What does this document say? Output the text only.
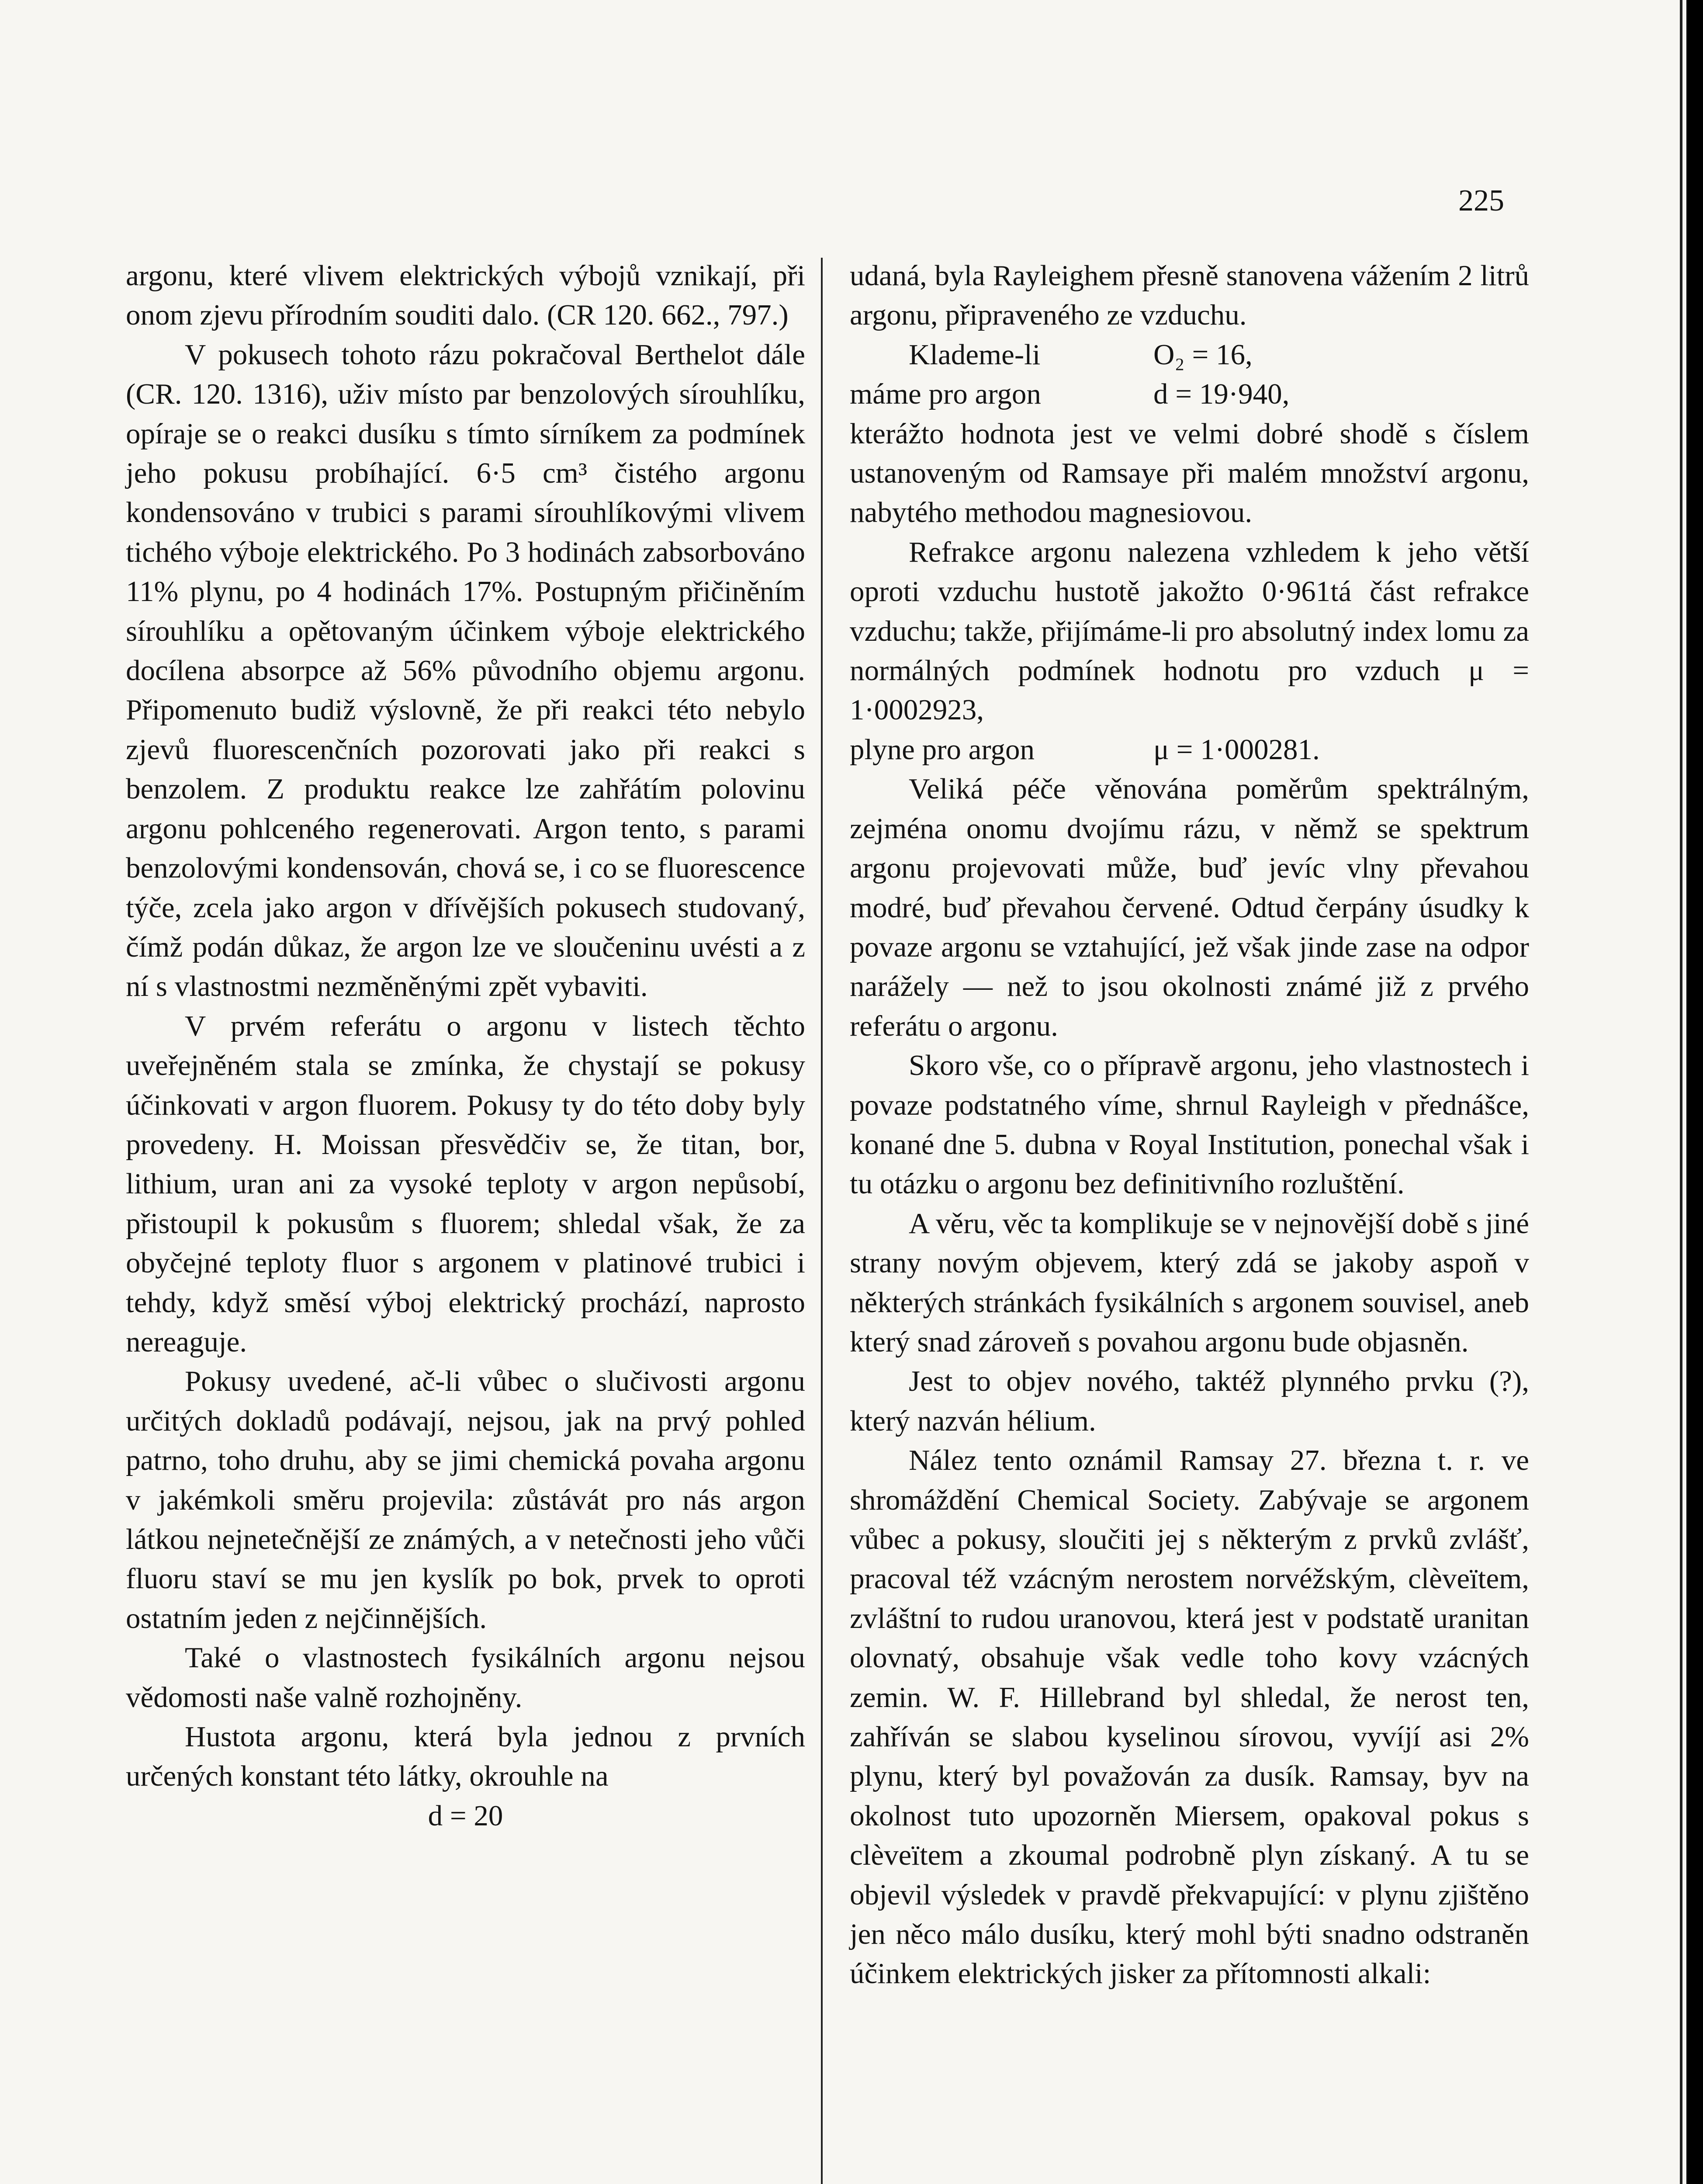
225

argonu, které vlivem elektrických výbojů vznikají, při onom zjevu přírodním souditi dalo. (CR 120. 662., 797.)

V pokusech tohoto rázu pokračoval Berthelot dále (CR. 120. 1316), uživ místo par benzolových sírouhlíku, opíraje se o reakci dusíku s tímto sírníkem za podmínek jeho pokusu probíhající. 6·5 cm³ čistého argonu kondensováno v trubici s parami sírouhlíkovými vlivem tichého výboje elektrického. Po 3 hodinách zabsorbováno 11% plynu, po 4 hodinách 17%. Postupným přičiněním sírouhlíku a opětovaným účinkem výboje elektrického docílena absorpce až 56% původního objemu argonu. Připomenuto budiž výslovně, že při reakci této nebylo zjevů fluorescenčních pozorovati jako při reakci s benzolem. Z produktu reakce lze zahřátím polovinu argonu pohlceného regenerovati. Argon tento, s parami benzolovými kondensován, chová se, i co se fluorescence týče, zcela jako argon v dřívějších pokusech studovaný, čímž podán důkaz, že argon lze ve sloučeninu uvésti a z ní s vlastnostmi nezměněnými zpět vybaviti.

V prvém referátu o argonu v listech těchto uveřejněném stala se zmínka, že chystají se pokusy účinkovati v argon fluorem. Pokusy ty do této doby byly provedeny. H. Moissan přesvědčiv se, že titan, bor, lithium, uran ani za vysoké teploty v argon nepůsobí, přistoupil k pokusům s fluorem; shledal však, že za obyčejné teploty fluor s argonem v platinové trubici i tehdy, když směsí výboj elektrický prochází, naprosto nereaguje.

Pokusy uvedené, ač-li vůbec o slučivosti argonu určitých dokladů podávají, nejsou, jak na prvý pohled patrno, toho druhu, aby se jimi chemická povaha argonu v jakémkoli směru projevila: zůstávát pro nás argon látkou nejnetečnější ze známých, a v netečnosti jeho vůči fluoru staví se mu jen kyslík po bok, prvek to oproti ostatním jeden z nejčinnějších.

Také o vlastnostech fysikálních argonu nejsou vědomosti naše valně rozhojněny.

Hustota argonu, která byla jednou z prvních určených konstant této látky, okrouhle na

d = 20

udaná, byla Rayleighem přesně stanovena vážením 2 litrů argonu, připraveného ze vzduchu.

Klademe-li	O₂ = 16,
máme pro argon	d = 19·940,

kterážto hodnota jest ve velmi dobré shodě s číslem ustanoveným od Ramsaye při malém množství argonu, nabytého methodou magnesiovou.

Refrakce argonu nalezena vzhledem k jeho větší oproti vzduchu hustotě jakožto 0·961tá část refrakce vzduchu; takže, přijímáme-li pro absolutný index lomu za normálných podmínek hodnotu pro vzduch μ = 1·0002923,

plyne pro argon	μ = 1·000281.

Veliká péče věnována poměrům spektrálným, zejména onomu dvojímu rázu, v němž se spektrum argonu projevovati může, buď jevíc vlny převahou modré, buď převahou červené. Odtud čerpány úsudky k povaze argonu se vztahující, jež však jinde zase na odpor narážely — než to jsou okolnosti známé již z prvého referátu o argonu.

Skoro vše, co o přípravě argonu, jeho vlastnostech i povaze podstatného víme, shrnul Rayleigh v přednášce, konané dne 5. dubna v Royal Institution, ponechal však i tu otázku o argonu bez definitivního rozluštění.

A věru, věc ta komplikuje se v nejnovější době s jiné strany novým objevem, který zdá se jakoby aspoň v některých stránkách fysikálních s argonem souvisel, aneb který snad zároveň s povahou argonu bude objasněn.

Jest to objev nového, taktéž plynného prvku (?), který nazván hélium.

Nález tento oznámil Ramsay 27. března t. r. ve shromáždění Chemical Society. Zabývaje se argonem vůbec a pokusy, sloučiti jej s některým z prvků zvlášť, pracoval též vzácným nerostem norvéžským, clèveïtem, zvláštní to rudou uranovou, která jest v podstatě uranitan olovnatý, obsahuje však vedle toho kovy vzácných zemin. W. F. Hillebrand byl shledal, že nerost ten, zahříván se slabou kyselinou sírovou, vyvíjí asi 2% plynu, který byl považován za dusík. Ramsay, byv na okolnost tuto upozorněn Miersem, opakoval pokus s clèveïtem a zkoumal podrobně plyn získaný. A tu se objevil výsledek v pravdě překvapující: v plynu zjištěno jen něco málo dusíku, který mohl býti snadno odstraněn účinkem elektrických jisker za přítomnosti alkali:
